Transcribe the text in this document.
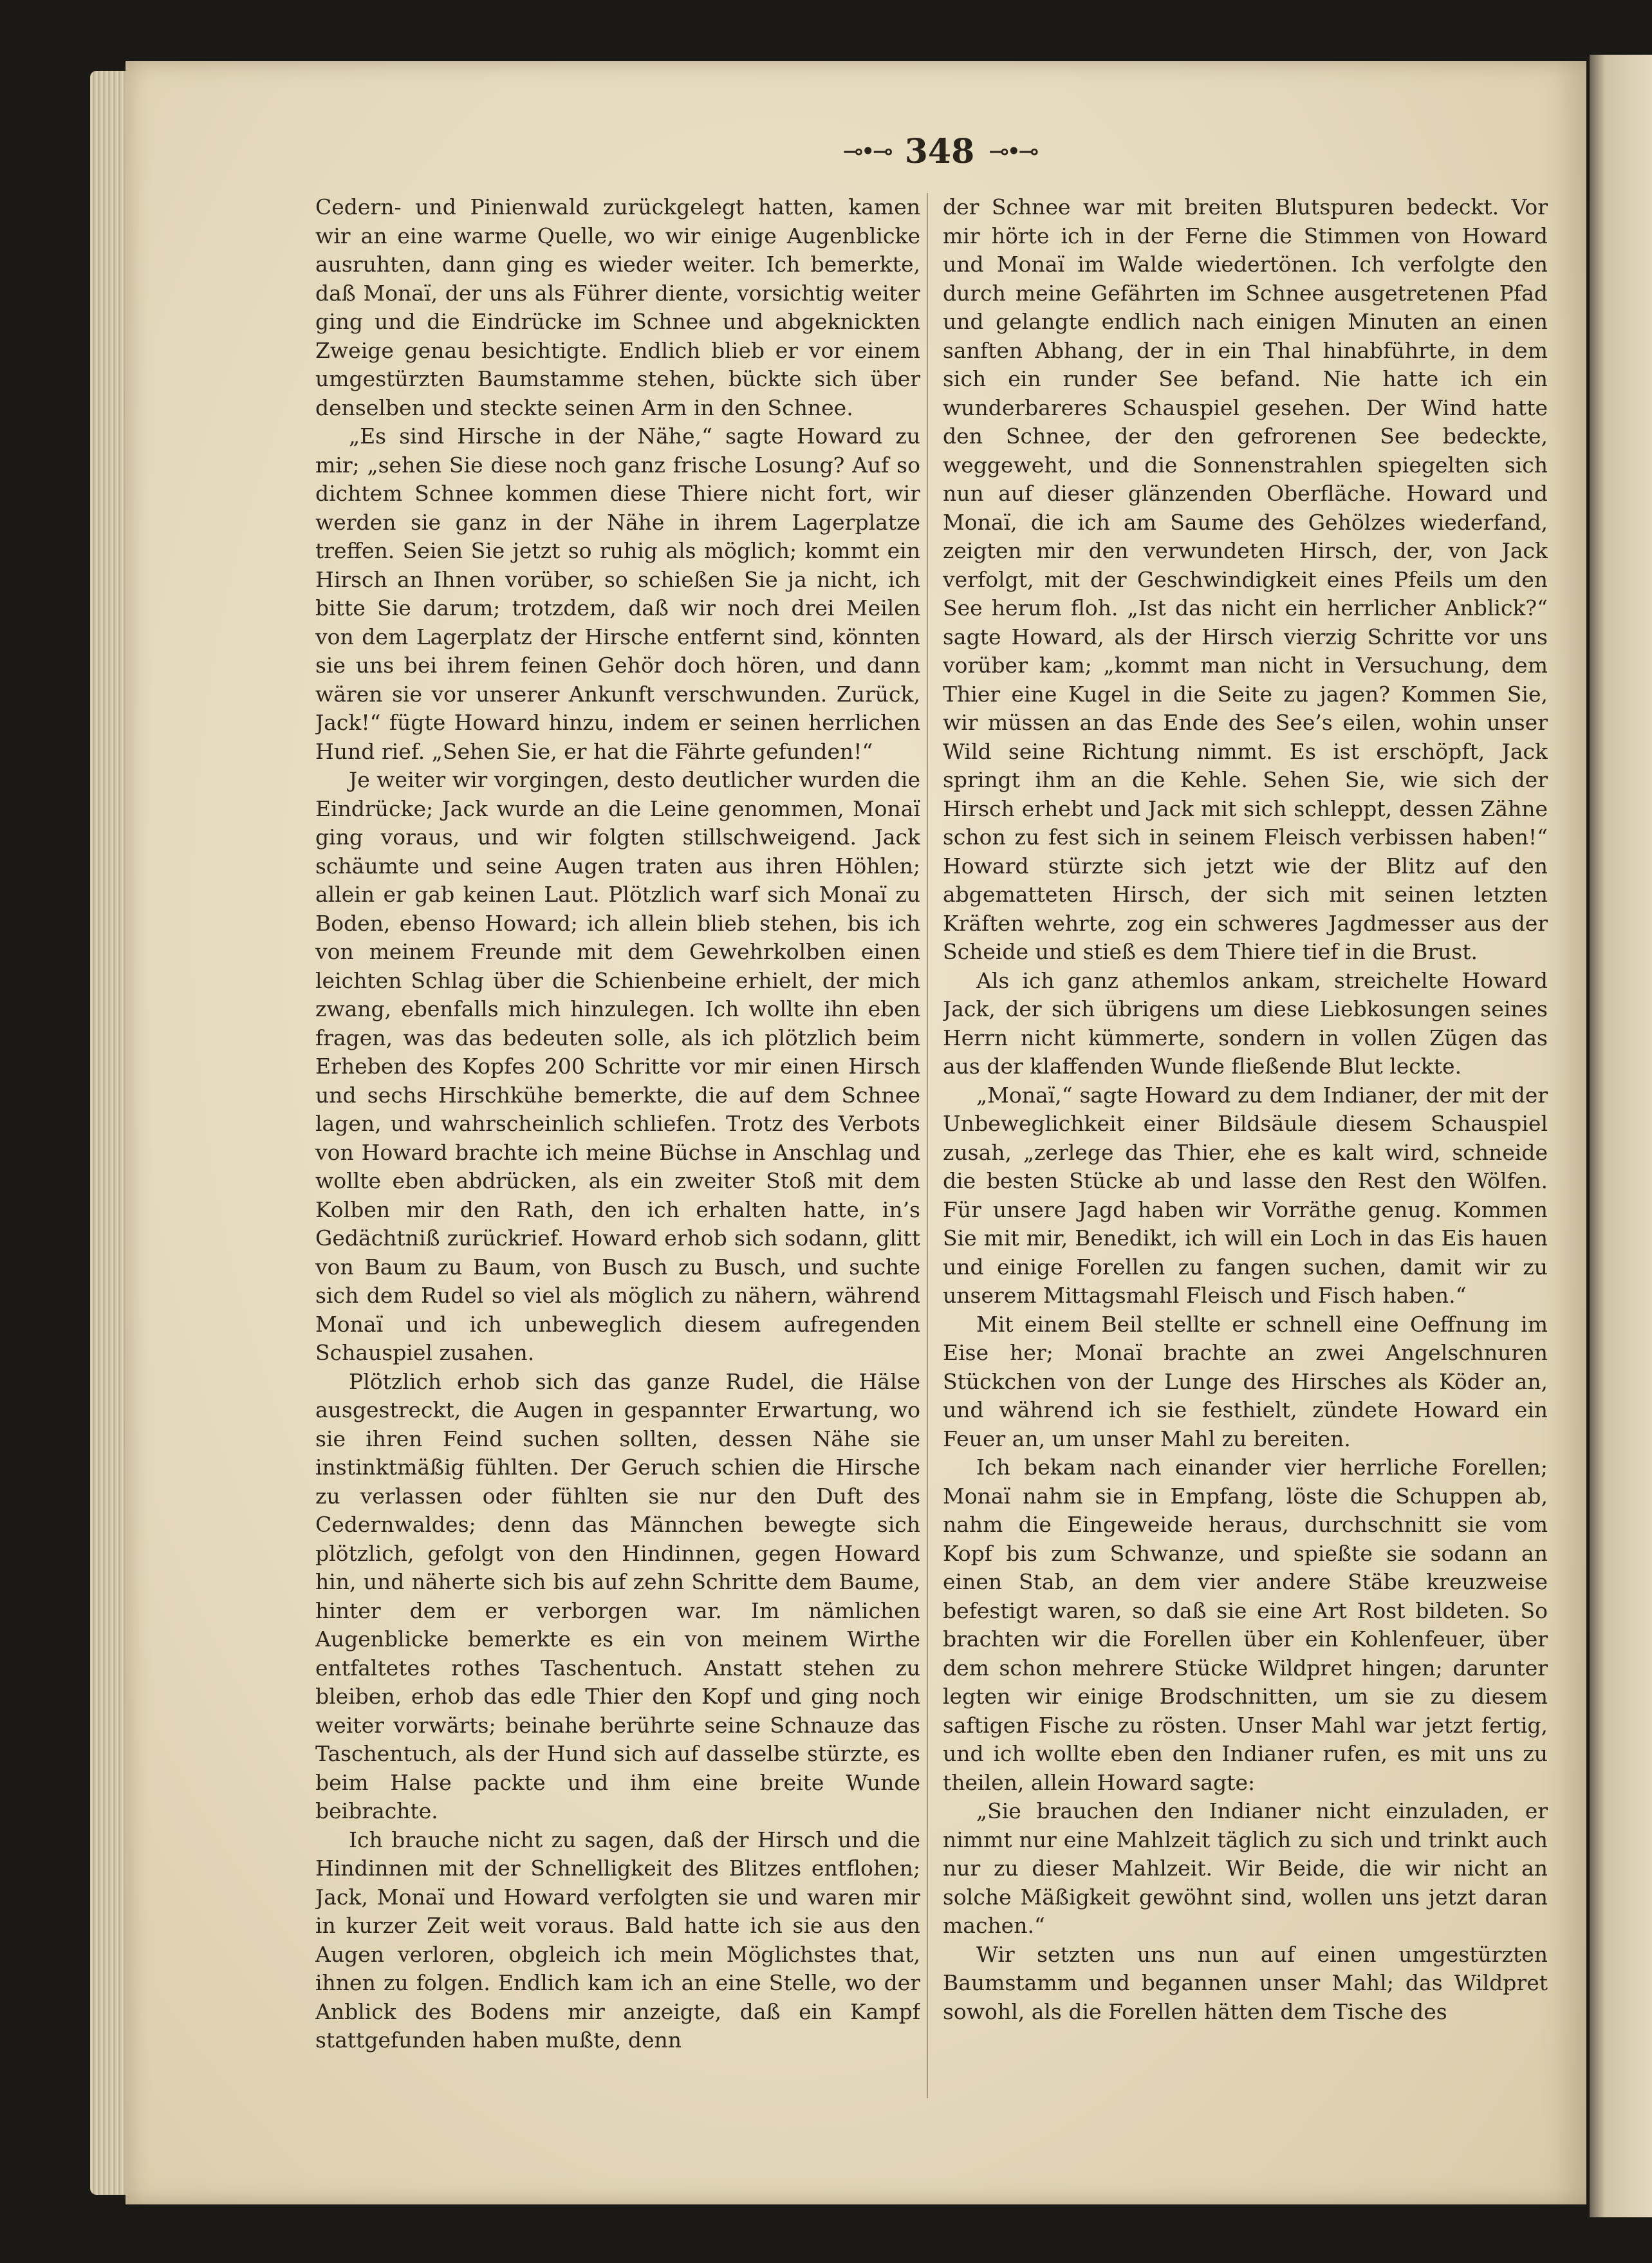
⊸•⊸ 348 ⊸•⊸

Cedern- und Pinienwald zurückgelegt hatten, kamen wir an eine warme Quelle, wo wir einige Augenblicke ausruhten, dann ging es wieder weiter. Ich bemerkte, daß Monaï, der uns als Führer diente, vorsichtig weiter ging und die Eindrücke im Schnee und abgeknickten Zweige genau besichtigte. Endlich blieb er vor einem umgestürzten Baumstamme stehen, bückte sich über denselben und steckte seinen Arm in den Schnee.

„Es sind Hirsche in der Nähe,“ sagte Howard zu mir; „sehen Sie diese noch ganz frische Losung? Auf so dichtem Schnee kommen diese Thiere nicht fort, wir werden sie ganz in der Nähe in ihrem Lagerplatze treffen. Seien Sie jetzt so ruhig als möglich; kommt ein Hirsch an Ihnen vorüber, so schießen Sie ja nicht, ich bitte Sie darum; trotzdem, daß wir noch drei Meilen von dem Lagerplatz der Hirsche entfernt sind, könnten sie uns bei ihrem feinen Gehör doch hören, und dann wären sie vor unserer Ankunft verschwunden. Zurück, Jack!“ fügte Howard hinzu, indem er seinen herrlichen Hund rief. „Sehen Sie, er hat die Fährte gefunden!“

Je weiter wir vorgingen, desto deutlicher wurden die Eindrücke; Jack wurde an die Leine genommen, Monaï ging voraus, und wir folgten stillschweigend. Jack schäumte und seine Augen traten aus ihren Höhlen; allein er gab keinen Laut. Plötzlich warf sich Monaï zu Boden, ebenso Howard; ich allein blieb stehen, bis ich von meinem Freunde mit dem Gewehrkolben einen leichten Schlag über die Schienbeine erhielt, der mich zwang, ebenfalls mich hinzulegen. Ich wollte ihn eben fragen, was das bedeuten solle, als ich plötzlich beim Erheben des Kopfes 200 Schritte vor mir einen Hirsch und sechs Hirschkühe bemerkte, die auf dem Schnee lagen, und wahrscheinlich schliefen. Trotz des Verbots von Howard brachte ich meine Büchse in Anschlag und wollte eben abdrücken, als ein zweiter Stoß mit dem Kolben mir den Rath, den ich erhalten hatte, in’s Gedächtniß zurückrief. Howard erhob sich sodann, glitt von Baum zu Baum, von Busch zu Busch, und suchte sich dem Rudel so viel als möglich zu nähern, während Monaï und ich unbeweglich diesem aufregenden Schauspiel zusahen.

Plötzlich erhob sich das ganze Rudel, die Hälse ausgestreckt, die Augen in gespannter Erwartung, wo sie ihren Feind suchen sollten, dessen Nähe sie instinktmäßig fühlten. Der Geruch schien die Hirsche zu verlassen oder fühlten sie nur den Duft des Cedernwaldes; denn das Männchen bewegte sich plötzlich, gefolgt von den Hindinnen, gegen Howard hin, und näherte sich bis auf zehn Schritte dem Baume, hinter dem er verborgen war. Im nämlichen Augenblicke bemerkte es ein von meinem Wirthe entfaltetes rothes Taschentuch. Anstatt stehen zu bleiben, erhob das edle Thier den Kopf und ging noch weiter vorwärts; beinahe berührte seine Schnauze das Taschentuch, als der Hund sich auf dasselbe stürzte, es beim Halse packte und ihm eine breite Wunde beibrachte.

Ich brauche nicht zu sagen, daß der Hirsch und die Hindinnen mit der Schnelligkeit des Blitzes entflohen; Jack, Monaï und Howard verfolgten sie und waren mir in kurzer Zeit weit voraus. Bald hatte ich sie aus den Augen verloren, obgleich ich mein Möglichstes that, ihnen zu folgen. Endlich kam ich an eine Stelle, wo der Anblick des Bodens mir anzeigte, daß ein Kampf stattgefunden haben mußte, denn

der Schnee war mit breiten Blutspuren bedeckt. Vor mir hörte ich in der Ferne die Stimmen von Howard und Monaï im Walde wiedertönen. Ich verfolgte den durch meine Gefährten im Schnee ausgetretenen Pfad und gelangte endlich nach einigen Minuten an einen sanften Abhang, der in ein Thal hinabführte, in dem sich ein runder See befand. Nie hatte ich ein wunderbareres Schauspiel gesehen. Der Wind hatte den Schnee, der den gefrorenen See bedeckte, weggeweht, und die Sonnenstrahlen spiegelten sich nun auf dieser glänzenden Oberfläche. Howard und Monaï, die ich am Saume des Gehölzes wiederfand, zeigten mir den verwundeten Hirsch, der, von Jack verfolgt, mit der Geschwindigkeit eines Pfeils um den See herum floh. „Ist das nicht ein herrlicher Anblick?“ sagte Howard, als der Hirsch vierzig Schritte vor uns vorüber kam; „kommt man nicht in Versuchung, dem Thier eine Kugel in die Seite zu jagen? Kommen Sie, wir müssen an das Ende des See’s eilen, wohin unser Wild seine Richtung nimmt. Es ist erschöpft, Jack springt ihm an die Kehle. Sehen Sie, wie sich der Hirsch erhebt und Jack mit sich schleppt, dessen Zähne schon zu fest sich in seinem Fleisch verbissen haben!“ Howard stürzte sich jetzt wie der Blitz auf den abgematteten Hirsch, der sich mit seinen letzten Kräften wehrte, zog ein schweres Jagdmesser aus der Scheide und stieß es dem Thiere tief in die Brust.

Als ich ganz athemlos ankam, streichelte Howard Jack, der sich übrigens um diese Liebkosungen seines Herrn nicht kümmerte, sondern in vollen Zügen das aus der klaffenden Wunde fließende Blut leckte.

„Monaï,“ sagte Howard zu dem Indianer, der mit der Unbeweglichkeit einer Bildsäule diesem Schauspiel zusah, „zerlege das Thier, ehe es kalt wird, schneide die besten Stücke ab und lasse den Rest den Wölfen. Für unsere Jagd haben wir Vorräthe genug. Kommen Sie mit mir, Benedikt, ich will ein Loch in das Eis hauen und einige Forellen zu fangen suchen, damit wir zu unserem Mittagsmahl Fleisch und Fisch haben.“

Mit einem Beil stellte er schnell eine Oeffnung im Eise her; Monaï brachte an zwei Angelschnuren Stückchen von der Lunge des Hirsches als Köder an, und während ich sie festhielt, zündete Howard ein Feuer an, um unser Mahl zu bereiten.

Ich bekam nach einander vier herrliche Forellen; Monaï nahm sie in Empfang, löste die Schuppen ab, nahm die Eingeweide heraus, durchschnitt sie vom Kopf bis zum Schwanze, und spießte sie sodann an einen Stab, an dem vier andere Stäbe kreuzweise befestigt waren, so daß sie eine Art Rost bildeten. So brachten wir die Forellen über ein Kohlenfeuer, über dem schon mehrere Stücke Wildpret hingen; darunter legten wir einige Brodschnitten, um sie zu diesem saftigen Fische zu rösten. Unser Mahl war jetzt fertig, und ich wollte eben den Indianer rufen, es mit uns zu theilen, allein Howard sagte:

„Sie brauchen den Indianer nicht einzuladen, er nimmt nur eine Mahlzeit täglich zu sich und trinkt auch nur zu dieser Mahlzeit. Wir Beide, die wir nicht an solche Mäßigkeit gewöhnt sind, wollen uns jetzt daran machen.“

Wir setzten uns nun auf einen umgestürzten Baumstamm und begannen unser Mahl; das Wildpret sowohl, als die Forellen hätten dem Tische des
